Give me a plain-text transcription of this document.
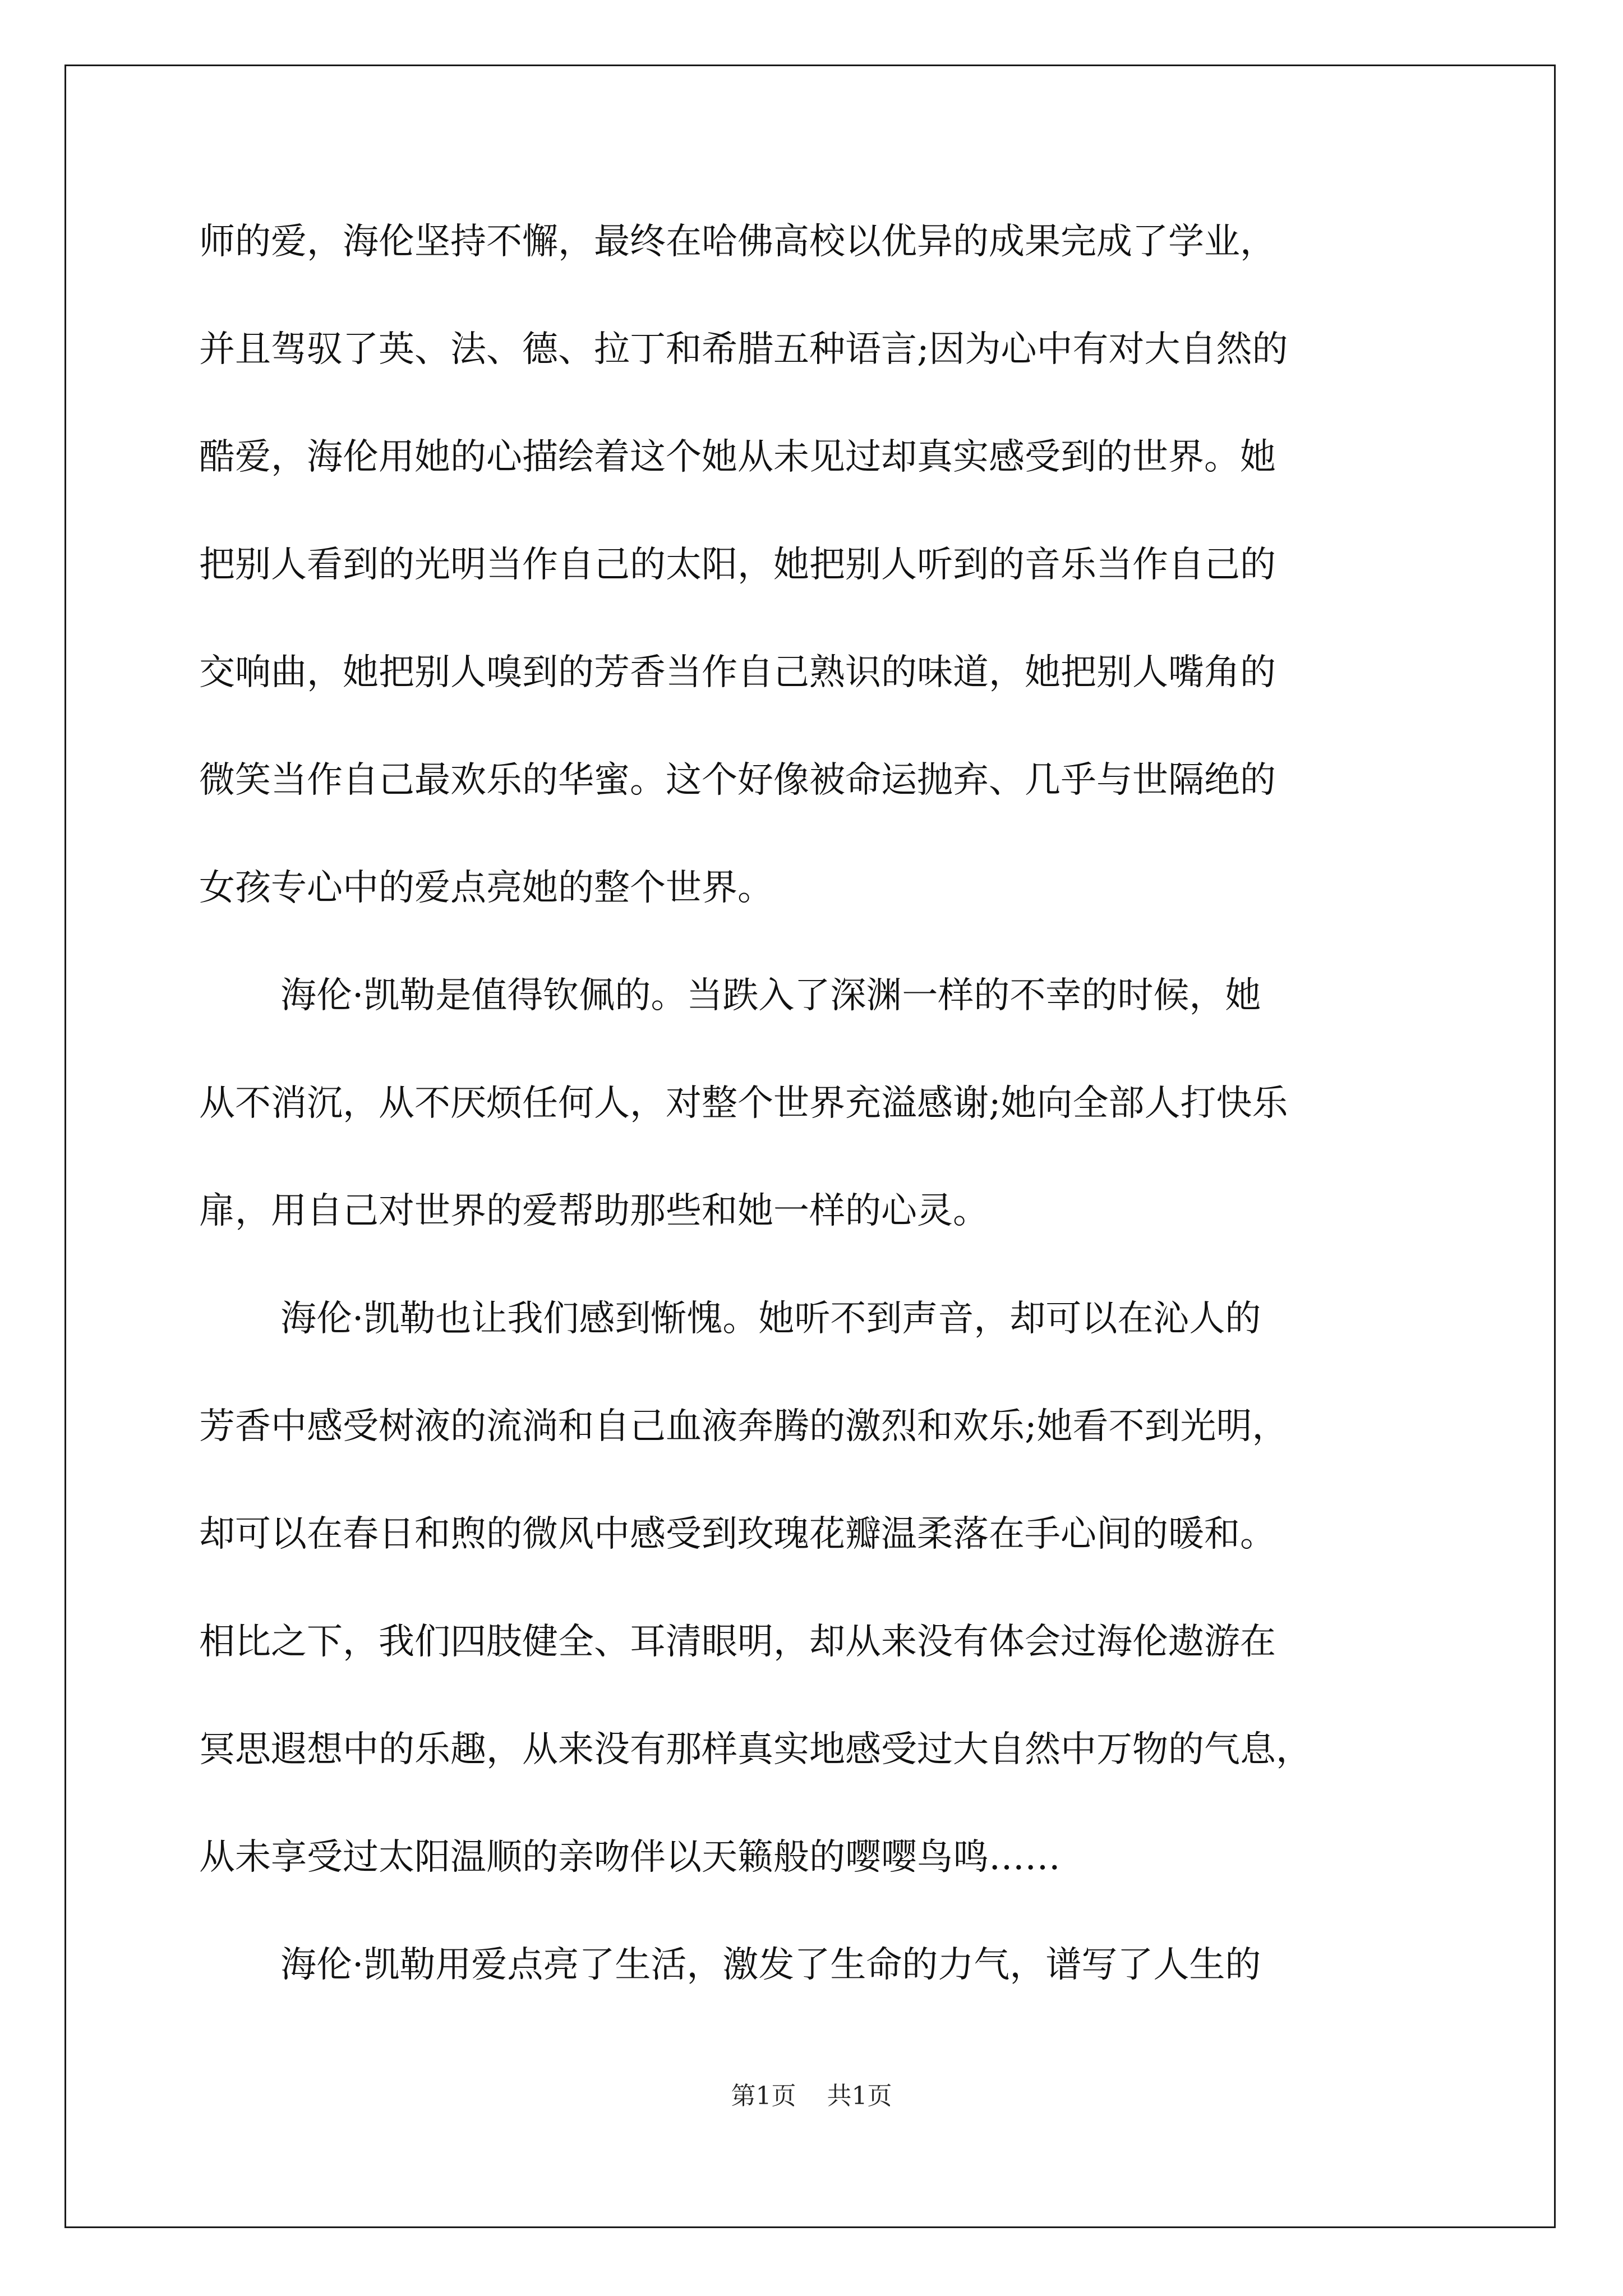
师的爱，海伦坚持不懈，最终在哈佛高校以优异的成果完成了学业，
并且驾驭了英、法、德、拉丁和希腊五种语言;因为心中有对大自然的
酷爱，海伦用她的心描绘着这个她从未见过却真实感受到的世界。她
把别人看到的光明当作自己的太阳，她把别人听到的音乐当作自己的
交响曲，她把别人嗅到的芳香当作自己熟识的味道，她把别人嘴角的
微笑当作自己最欢乐的华蜜。这个好像被命运抛弃、几乎与世隔绝的
女孩专心中的爱点亮她的整个世界。
海伦·凯勒是值得钦佩的。当跌入了深渊一样的不幸的时候，她
从不消沉，从不厌烦任何人，对整个世界充溢感谢;她向全部人打快乐
扉，用自己对世界的爱帮助那些和她一样的心灵。
海伦·凯勒也让我们感到惭愧。她听不到声音，却可以在沁人的
芳香中感受树液的流淌和自己血液奔腾的激烈和欢乐;她看不到光明，
却可以在春日和煦的微风中感受到玫瑰花瓣温柔落在手心间的暖和。
相比之下，我们四肢健全、耳清眼明，却从来没有体会过海伦遨游在
冥思遐想中的乐趣，从来没有那样真实地感受过大自然中万物的气息，
从未享受过太阳温顺的亲吻伴以天籁般的嘤嘤鸟鸣……
海伦·凯勒用爱点亮了生活，激发了生命的力气，谱写了人生的
第1页 共1页
